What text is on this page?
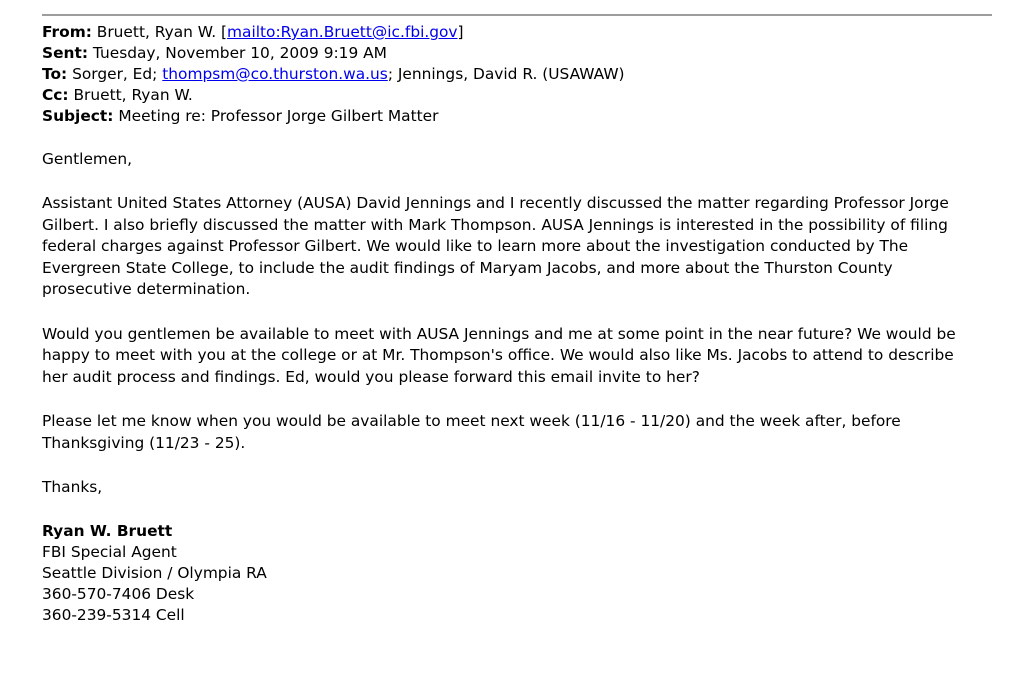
From: Bruett, Ryan W. [mailto:Ryan.Bruett@ic.fbi.gov]
Sent: Tuesday, November 10, 2009 9:19 AM
To: Sorger, Ed; thompsm@co.thurston.wa.us; Jennings, David R. (USAWAW)
Cc: Bruett, Ryan W.
Subject: Meeting re: Professor Jorge Gilbert Matter
Gentlemen,
Assistant United States Attorney (AUSA) David Jennings and I recently discussed the matter regarding Professor Jorge
Gilbert. I also briefly discussed the matter with Mark Thompson. AUSA Jennings is interested in the possibility of filing
federal charges against Professor Gilbert. We would like to learn more about the investigation conducted by The
Evergreen State College, to include the audit findings of Maryam Jacobs, and more about the Thurston County
prosecutive determination.
Would you gentlemen be available to meet with AUSA Jennings and me at some point in the near future? We would be
happy to meet with you at the college or at Mr. Thompson's office. We would also like Ms. Jacobs to attend to describe
her audit process and findings. Ed, would you please forward this email invite to her?
Please let me know when you would be available to meet next week (11/16 - 11/20) and the week after, before
Thanksgiving (11/23 - 25).
Thanks,
Ryan W. Bruett
FBI Special Agent
Seattle Division / Olympia RA
360-570-7406 Desk
360-239-5314 Cell
